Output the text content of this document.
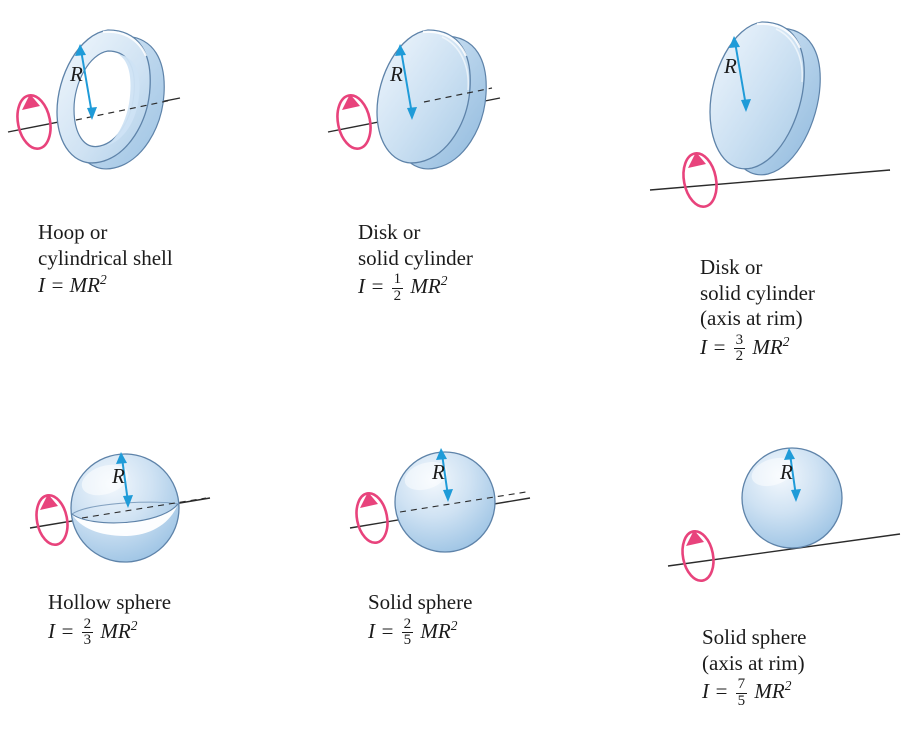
R
Hoop or
cylindrical shell
$I = MR^2$
R
Disk or
solid cylinder
$I = \frac{1}{2} MR^2$
R
Disk or
solid cylinder
(axis at rim)
$I = \frac{3}{2} MR^2$
R
Hollow sphere
$I = \frac{2}{3} MR^2$
R
Solid sphere
$I = \frac{2}{5} MR^2$
R
Solid sphere
(axis at rim)
$I = \frac{7}{5} MR^2$
